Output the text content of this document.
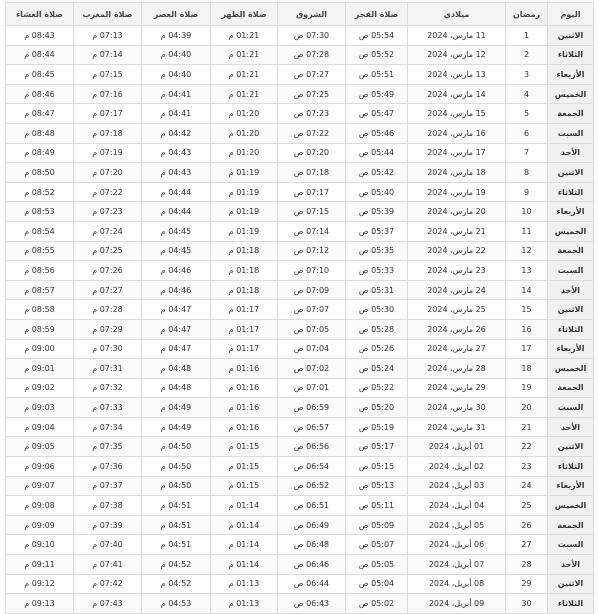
اليوم	رمضان	ميلادي	صلاة الفجر	الشروق	صلاة الظهر	صلاة العصر	صلاة المغرب	صلاة العشاء
الاثنين	1	11 مارس، 2024	05:54 ص	07:30 ص	01:21 م	04:39 م	07:13 م	08:43 م
الثلاثاء	2	12 مارس، 2024	05:52 ص	07:28 ص	01:21 م	04:40 م	07:14 م	08:44 م
الأربعاء	3	13 مارس، 2024	05:51 ص	07:27 ص	01:21 م	04:40 م	07:15 م	08:45 م
الخميس	4	14 مارس، 2024	05:49 ص	07:25 ص	01:21 م	04:41 م	07:16 م	08:46 م
الجمعة	5	15 مارس، 2024	05:47 ص	07:23 ص	01:20 م	04:41 م	07:17 م	08:47 م
السبت	6	16 مارس، 2024	05:46 ص	07:22 ص	01:20 م	04:42 م	07:18 م	08:48 م
الأحد	7	17 مارس، 2024	05:44 ص	07:20 ص	01:20 م	04:43 م	07:19 م	08:49 م
الاثنين	8	18 مارس، 2024	05:42 ص	07:18 ص	01:19 م	04:43 م	07:20 م	08:50 م
الثلاثاء	9	19 مارس، 2024	05:40 ص	07:17 ص	01:19 م	04:44 م	07:22 م	08:52 م
الأربعاء	10	20 مارس، 2024	05:39 ص	07:15 ص	01:19 م	04:44 م	07:23 م	08:53 م
الخميس	11	21 مارس، 2024	05:37 ص	07:14 ص	01:19 م	04:45 م	07:24 م	08:54 م
الجمعة	12	22 مارس، 2024	05:35 ص	07:12 ص	01:18 م	04:45 م	07:25 م	08:55 م
السبت	13	23 مارس، 2024	05:33 ص	07:10 ص	01:18 م	04:46 م	07:26 م	08:56 م
الأحد	14	24 مارس، 2024	05:31 ص	07:09 ص	01:18 م	04:46 م	07:27 م	08:57 م
الاثنين	15	25 مارس، 2024	05:30 ص	07:07 ص	01:17 م	04:47 م	07:28 م	08:58 م
الثلاثاء	16	26 مارس، 2024	05:28 ص	07:05 ص	01:17 م	04:47 م	07:29 م	08:59 م
الأربعاء	17	27 مارس، 2024	05:26 ص	07:04 ص	01:17 م	04:47 م	07:30 م	09:00 م
الخميس	18	28 مارس، 2024	05:24 ص	07:02 ص	01:16 م	04:48 م	07:31 م	09:01 م
الجمعة	19	29 مارس، 2024	05:22 ص	07:01 ص	01:16 م	04:48 م	07:32 م	09:02 م
السبت	20	30 مارس، 2024	05:20 ص	06:59 ص	01:16 م	04:49 م	07:33 م	09:03 م
الأحد	21	31 مارس، 2024	05:19 ص	06:57 ص	01:16 م	04:49 م	07:34 م	09:04 م
الاثنين	22	01 أبريل، 2024	05:17 ص	06:56 ص	01:15 م	04:50 م	07:35 م	09:05 م
الثلاثاء	23	02 أبريل، 2024	05:15 ص	06:54 ص	01:15 م	04:50 م	07:36 م	09:06 م
الأربعاء	24	03 أبريل، 2024	05:13 ص	06:52 ص	01:15 م	04:50 م	07:37 م	09:07 م
الخميس	25	04 أبريل، 2024	05:11 ص	06:51 ص	01:14 م	04:51 م	07:38 م	09:08 م
الجمعة	26	05 أبريل، 2024	05:09 ص	06:49 ص	01:14 م	04:51 م	07:39 م	09:09 م
السبت	27	06 أبريل، 2024	05:07 ص	06:48 ص	01:14 م	04:51 م	07:40 م	09:10 م
الأحد	28	07 أبريل، 2024	05:05 ص	06:46 ص	01:14 م	04:52 م	07:41 م	09:11 م
الاثنين	29	08 أبريل، 2024	05:04 ص	06:44 ص	01:13 م	04:52 م	07:42 م	09:12 م
الثلاثاء	30	09 أبريل، 2024	05:02 ص	06:43 ص	01:13 م	04:53 م	07:43 م	09:13 م
